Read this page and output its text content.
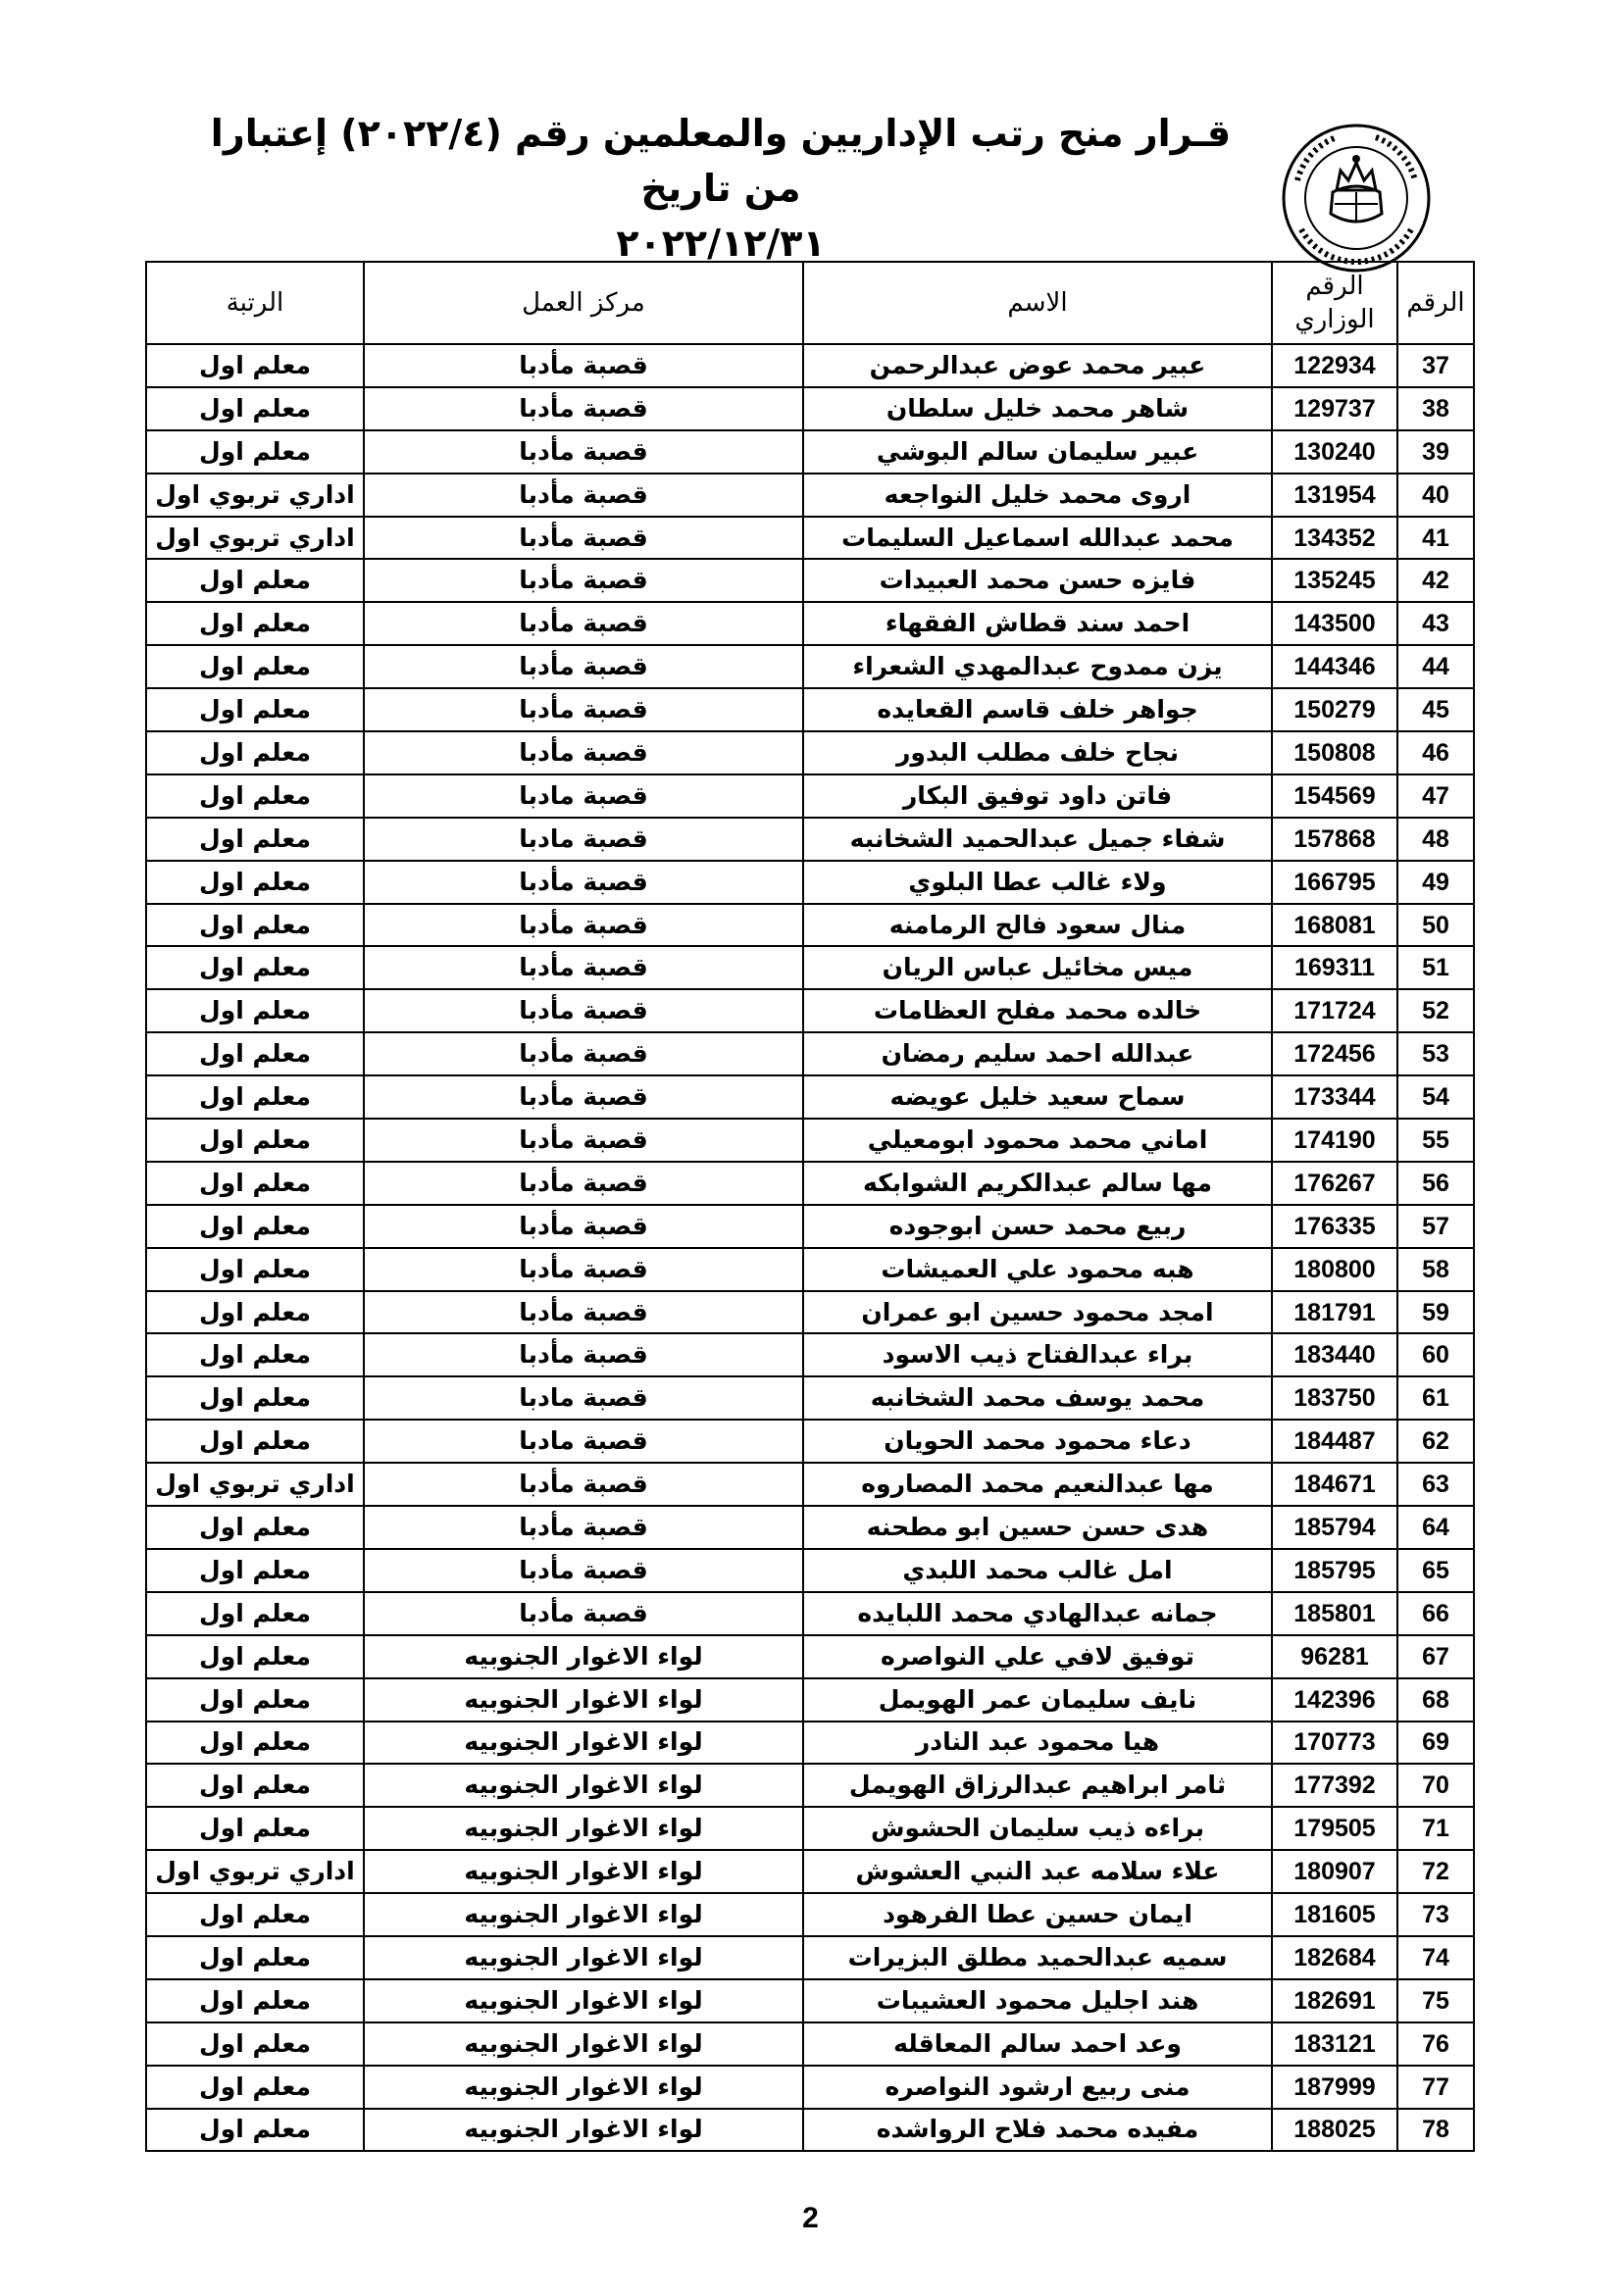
قـرار منح رتب الإداريين والمعلمين رقم (٢٠٢٢/٤) إعتبارا من تاريخ
٢٠٢٢/١٢/٣١
الرقم	الرقم الوزاري	الاسم	مركز العمل	الرتبة
37	122934	عبير محمد عوض عبدالرحمن	قصبة مأدبا	معلم اول
38	129737	شاهر محمد خليل سلطان	قصبة مأدبا	معلم اول
39	130240	عبير سليمان سالم البوشي	قصبة مأدبا	معلم اول
40	131954	اروى محمد خليل النواجعه	قصبة مأدبا	اداري تربوي اول
41	134352	محمد عبدالله اسماعيل السليمات	قصبة مأدبا	اداري تربوي اول
42	135245	فايزه حسن محمد العبيدات	قصبة مأدبا	معلم اول
43	143500	احمد سند قطاش الفقهاء	قصبة مأدبا	معلم اول
44	144346	يزن ممدوح عبدالمهدي الشعراء	قصبة مأدبا	معلم اول
45	150279	جواهر خلف قاسم القعايده	قصبة مأدبا	معلم اول
46	150808	نجاح خلف مطلب البدور	قصبة مأدبا	معلم اول
47	154569	فاتن داود توفيق البكار	قصبة مادبا	معلم اول
48	157868	شفاء جميل عبدالحميد الشخانبه	قصبة مادبا	معلم اول
49	166795	ولاء غالب عطا البلوي	قصبة مأدبا	معلم اول
50	168081	منال سعود فالح الرمامنه	قصبة مأدبا	معلم اول
51	169311	ميس مخائيل عباس الريان	قصبة مأدبا	معلم اول
52	171724	خالده محمد مفلح العظامات	قصبة مأدبا	معلم اول
53	172456	عبدالله احمد سليم رمضان	قصبة مأدبا	معلم اول
54	173344	سماح سعيد خليل عويضه	قصبة مأدبا	معلم اول
55	174190	اماني محمد محمود ابومعيلي	قصبة مأدبا	معلم اول
56	176267	مها سالم عبدالكريم الشوابكه	قصبة مأدبا	معلم اول
57	176335	ربيع محمد حسن ابوجوده	قصبة مأدبا	معلم اول
58	180800	هبه محمود علي العميشات	قصبة مأدبا	معلم اول
59	181791	امجد محمود حسين ابو عمران	قصبة مأدبا	معلم اول
60	183440	براء عبدالفتاح ذيب الاسود	قصبة مأدبا	معلم اول
61	183750	محمد يوسف محمد الشخانبه	قصبة مادبا	معلم اول
62	184487	دعاء محمود محمد الحويان	قصبة مادبا	معلم اول
63	184671	مها عبدالنعيم محمد المصاروه	قصبة مأدبا	اداري تربوي اول
64	185794	هدى حسن حسين ابو مطحنه	قصبة مأدبا	معلم اول
65	185795	امل غالب محمد اللبدي	قصبة مأدبا	معلم اول
66	185801	جمانه عبدالهادي محمد اللبايده	قصبة مأدبا	معلم اول
67	96281	توفيق لافي علي النواصره	لواء الاغوار الجنوبيه	معلم اول
68	142396	نايف سليمان عمر الهويمل	لواء الاغوار الجنوبيه	معلم اول
69	170773	هيا محمود عبد النادر	لواء الاغوار الجنوبيه	معلم اول
70	177392	ثامر ابراهيم عبدالرزاق الهويمل	لواء الاغوار الجنوبيه	معلم اول
71	179505	براءه ذيب سليمان الحشوش	لواء الاغوار الجنوبيه	معلم اول
72	180907	علاء سلامه عبد النبي العشوش	لواء الاغوار الجنوبيه	اداري تربوي اول
73	181605	ايمان حسين عطا الفرهود	لواء الاغوار الجنوبيه	معلم اول
74	182684	سميه عبدالحميد مطلق البزيرات	لواء الاغوار الجنوبيه	معلم اول
75	182691	هند اجليل محمود العشيبات	لواء الاغوار الجنوبيه	معلم اول
76	183121	وعد احمد سالم المعاقله	لواء الاغوار الجنوبيه	معلم اول
77	187999	منى ربيع ارشود النواصره	لواء الاغوار الجنوبيه	معلم اول
78	188025	مفيده محمد فلاح الرواشده	لواء الاغوار الجنوبيه	معلم اول
2
